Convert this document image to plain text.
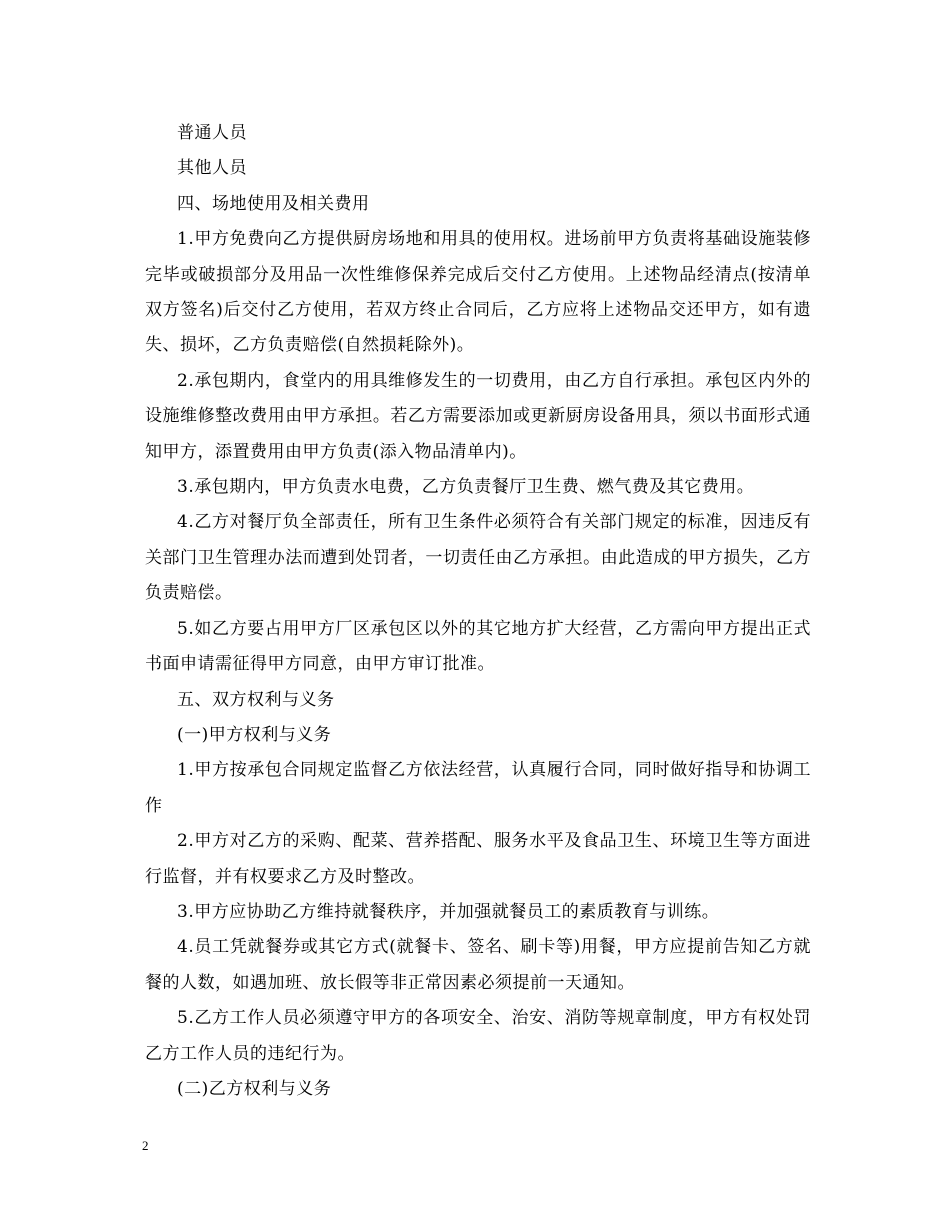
普通人员

其他人员

四、场地使用及相关费用

1.甲方免费向乙方提供厨房场地和用具的使用权。进场前甲方负责将基础设施装修完毕或破损部分及用品一次性维修保养完成后交付乙方使用。上述物品经清点(按清单双方签名)后交付乙方使用，若双方终止合同后，乙方应将上述物品交还甲方，如有遗失、损坏，乙方负责赔偿(自然损耗除外)。

2.承包期内，食堂内的用具维修发生的一切费用，由乙方自行承担。承包区内外的设施维修整改费用由甲方承担。若乙方需要添加或更新厨房设备用具，须以书面形式通知甲方，添置费用由甲方负责(添入物品清单内)。

3.承包期内，甲方负责水电费，乙方负责餐厅卫生费、燃气费及其它费用。

4.乙方对餐厅负全部责任，所有卫生条件必须符合有关部门规定的标准，因违反有关部门卫生管理办法而遭到处罚者，一切责任由乙方承担。由此造成的甲方损失，乙方负责赔偿。

5.如乙方要占用甲方厂区承包区以外的其它地方扩大经营，乙方需向甲方提出正式书面申请需征得甲方同意，由甲方审订批准。

五、双方权利与义务

(一)甲方权利与义务

1.甲方按承包合同规定监督乙方依法经营，认真履行合同，同时做好指导和协调工作

2.甲方对乙方的采购、配菜、营养搭配、服务水平及食品卫生、环境卫生等方面进行监督，并有权要求乙方及时整改。

3.甲方应协助乙方维持就餐秩序，并加强就餐员工的素质教育与训练。

4.员工凭就餐券或其它方式(就餐卡、签名、刷卡等)用餐，甲方应提前告知乙方就餐的人数，如遇加班、放长假等非正常因素必须提前一天通知。

5.乙方工作人员必须遵守甲方的各项安全、治安、消防等规章制度，甲方有权处罚乙方工作人员的违纪行为。

(二)乙方权利与义务

2
